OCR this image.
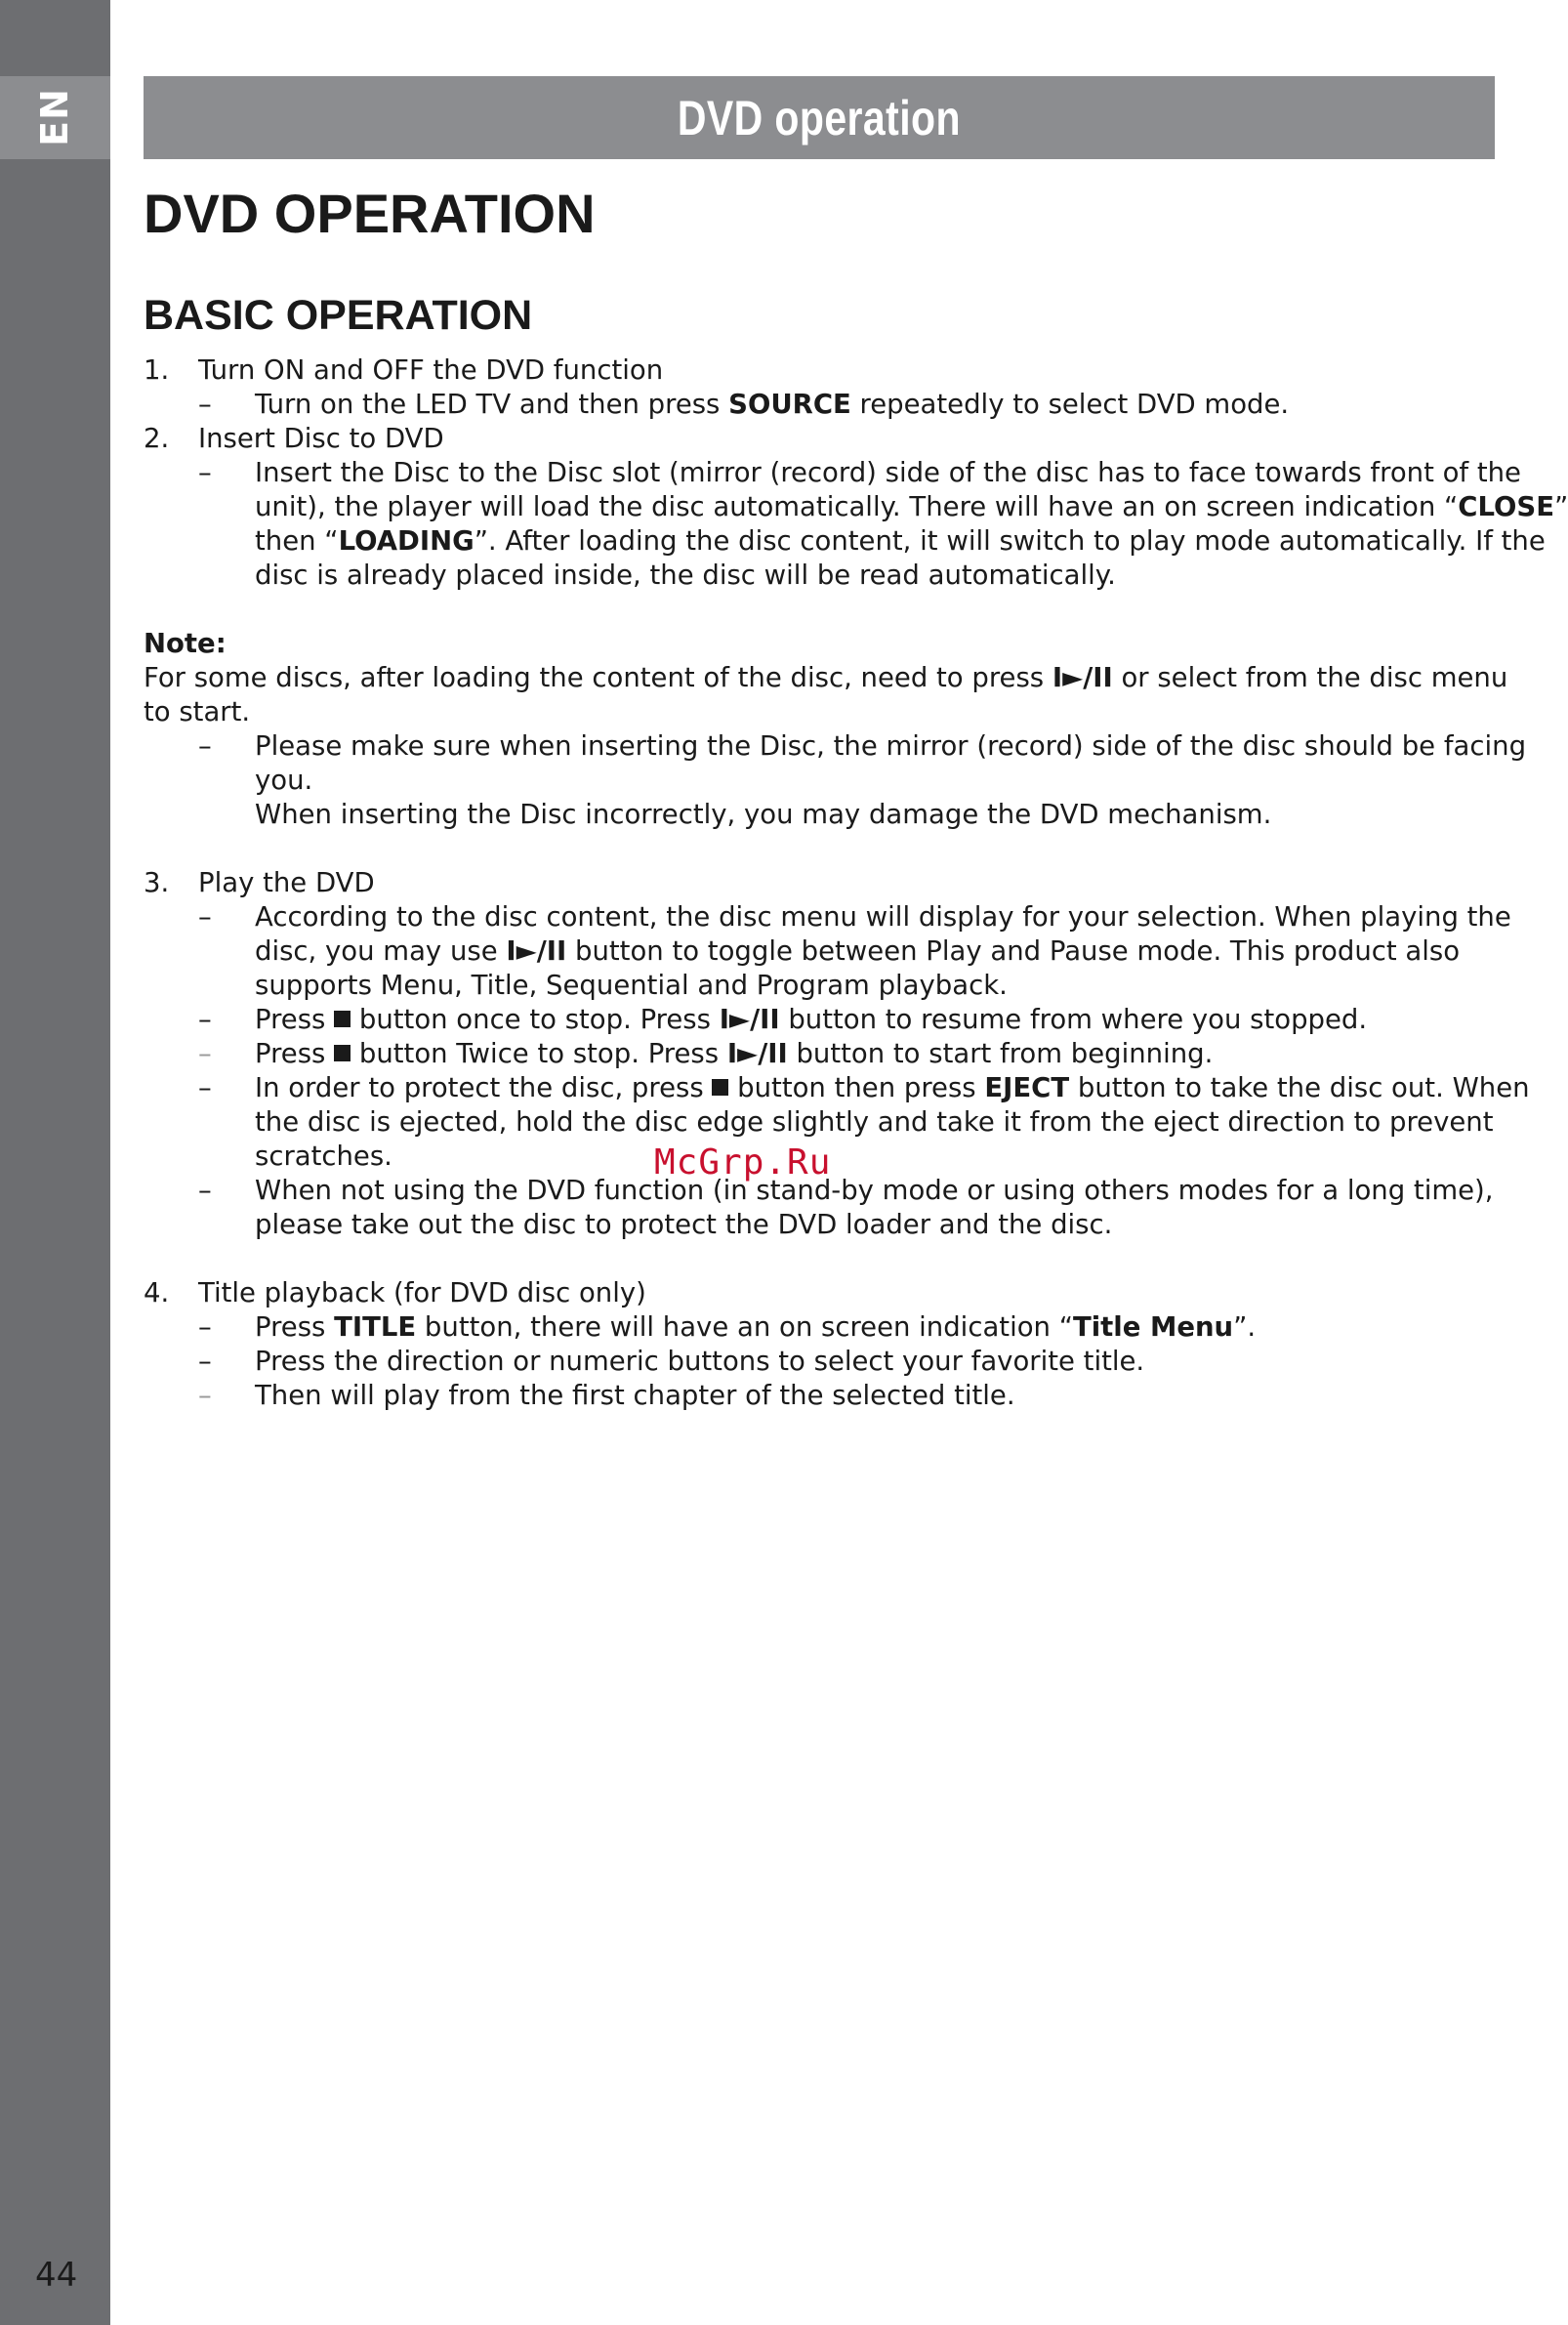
EN
44
DVD operation
DVD OPERATION
BASIC OPERATION
1. Turn ON and OFF the DVD function
– Turn on the LED TV and then press SOURCE repeatedly to select DVD mode.
2. Insert Disc to DVD
– Insert the Disc to the Disc slot (mirror (record) side of the disc has to face towards front of the
unit), the player will load the disc automatically. There will have an on screen indication “CLOSE”
then “LOADING”. After loading the disc content, it will switch to play mode automatically. If the
disc is already placed inside, the disc will be read automatically.
Note:
For some discs, after loading the content of the disc, need to press I►/II or select from the disc menu
to start.
– Please make sure when inserting the Disc, the mirror (record) side of the disc should be facing
you.
When inserting the Disc incorrectly, you may damage the DVD mechanism.
3. Play the DVD
– According to the disc content, the disc menu will display for your selection. When playing the
disc, you may use I►/II button to toggle between Play and Pause mode. This product also
supports Menu, Title, Sequential and Program playback.
– Press  button once to stop. Press I►/II button to resume from where you stopped.
– Press  button Twice to stop. Press I►/II button to start from beginning.
– In order to protect the disc, press  button then press EJECT button to take the disc out. When
the disc is ejected, hold the disc edge slightly and take it from the eject direction to prevent
scratches.
– When not using the DVD function (in stand-by mode or using others modes for a long time),
please take out the disc to protect the DVD loader and the disc.
4. Title playback (for DVD disc only)
– Press TITLE button, there will have an on screen indication “Title Menu”.
– Press the direction or numeric buttons to select your favorite title.
– Then will play from the first chapter of the selected title.
McGrp.Ru
